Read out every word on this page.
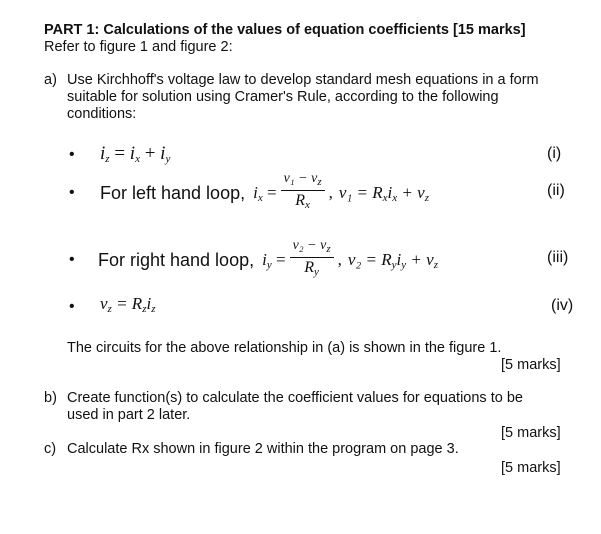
PART 1: Calculations of the values of equation coefficients [15 marks]
Refer to figure 1 and figure 2:
a) Use Kirchhoff's voltage law to develop standard mesh equations in a form
suitable for solution using Cramer's Rule, according to the following
conditions:
• $i_z = i_x + i_y$	(i)
• For left hand loop, $i_x = \frac{v_1 - v_z}{R_x}$ , $v_1 = R_xi_x + v_z$	(ii)
• For right hand loop, $i_y = \frac{v_2 - v_z}{R_y}$ , $v_2 = R_yi_y + v_z$	(iii)
• $v_z = R_zi_z$	(iv)
The circuits for the above relationship in (a) is shown in the figure 1.
[5 marks]
b) Create function(s) to calculate the coefficient values for equations to be
used in part 2 later.
[5 marks]
c) Calculate Rx shown in figure 2 within the program on page 3.
[5 marks]
